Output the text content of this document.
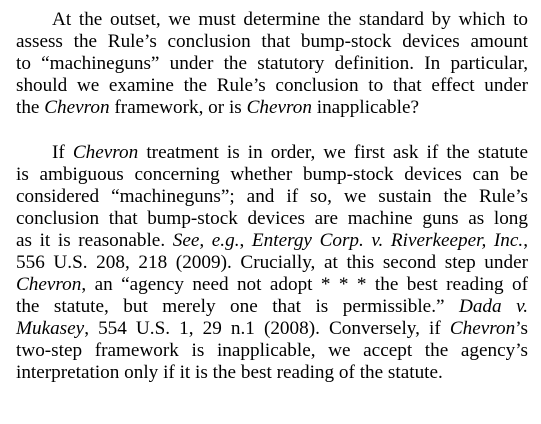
At the outset, we must determine the standard by which to
assess the Rule’s conclusion that bump-stock devices amount
to “machineguns” under the statutory definition. In particular,
should we examine the Rule’s conclusion to that effect under
the Chevron framework, or is Chevron inapplicable?
If Chevron treatment is in order, we first ask if the statute
is ambiguous concerning whether bump-stock devices can be
considered “machineguns”; and if so, we sustain the Rule’s
conclusion that bump-stock devices are machine guns as long
as it is reasonable. See, e.g., Entergy Corp. v. Riverkeeper, Inc.,
556 U.S. 208, 218 (2009). Crucially, at this second step under
Chevron, an “agency need not adopt * * * the best reading of
the statute, but merely one that is permissible.” Dada v.
Mukasey, 554 U.S. 1, 29 n.1 (2008). Conversely, if Chevron’s
two-step framework is inapplicable, we accept the agency’s
interpretation only if it is the best reading of the statute.
